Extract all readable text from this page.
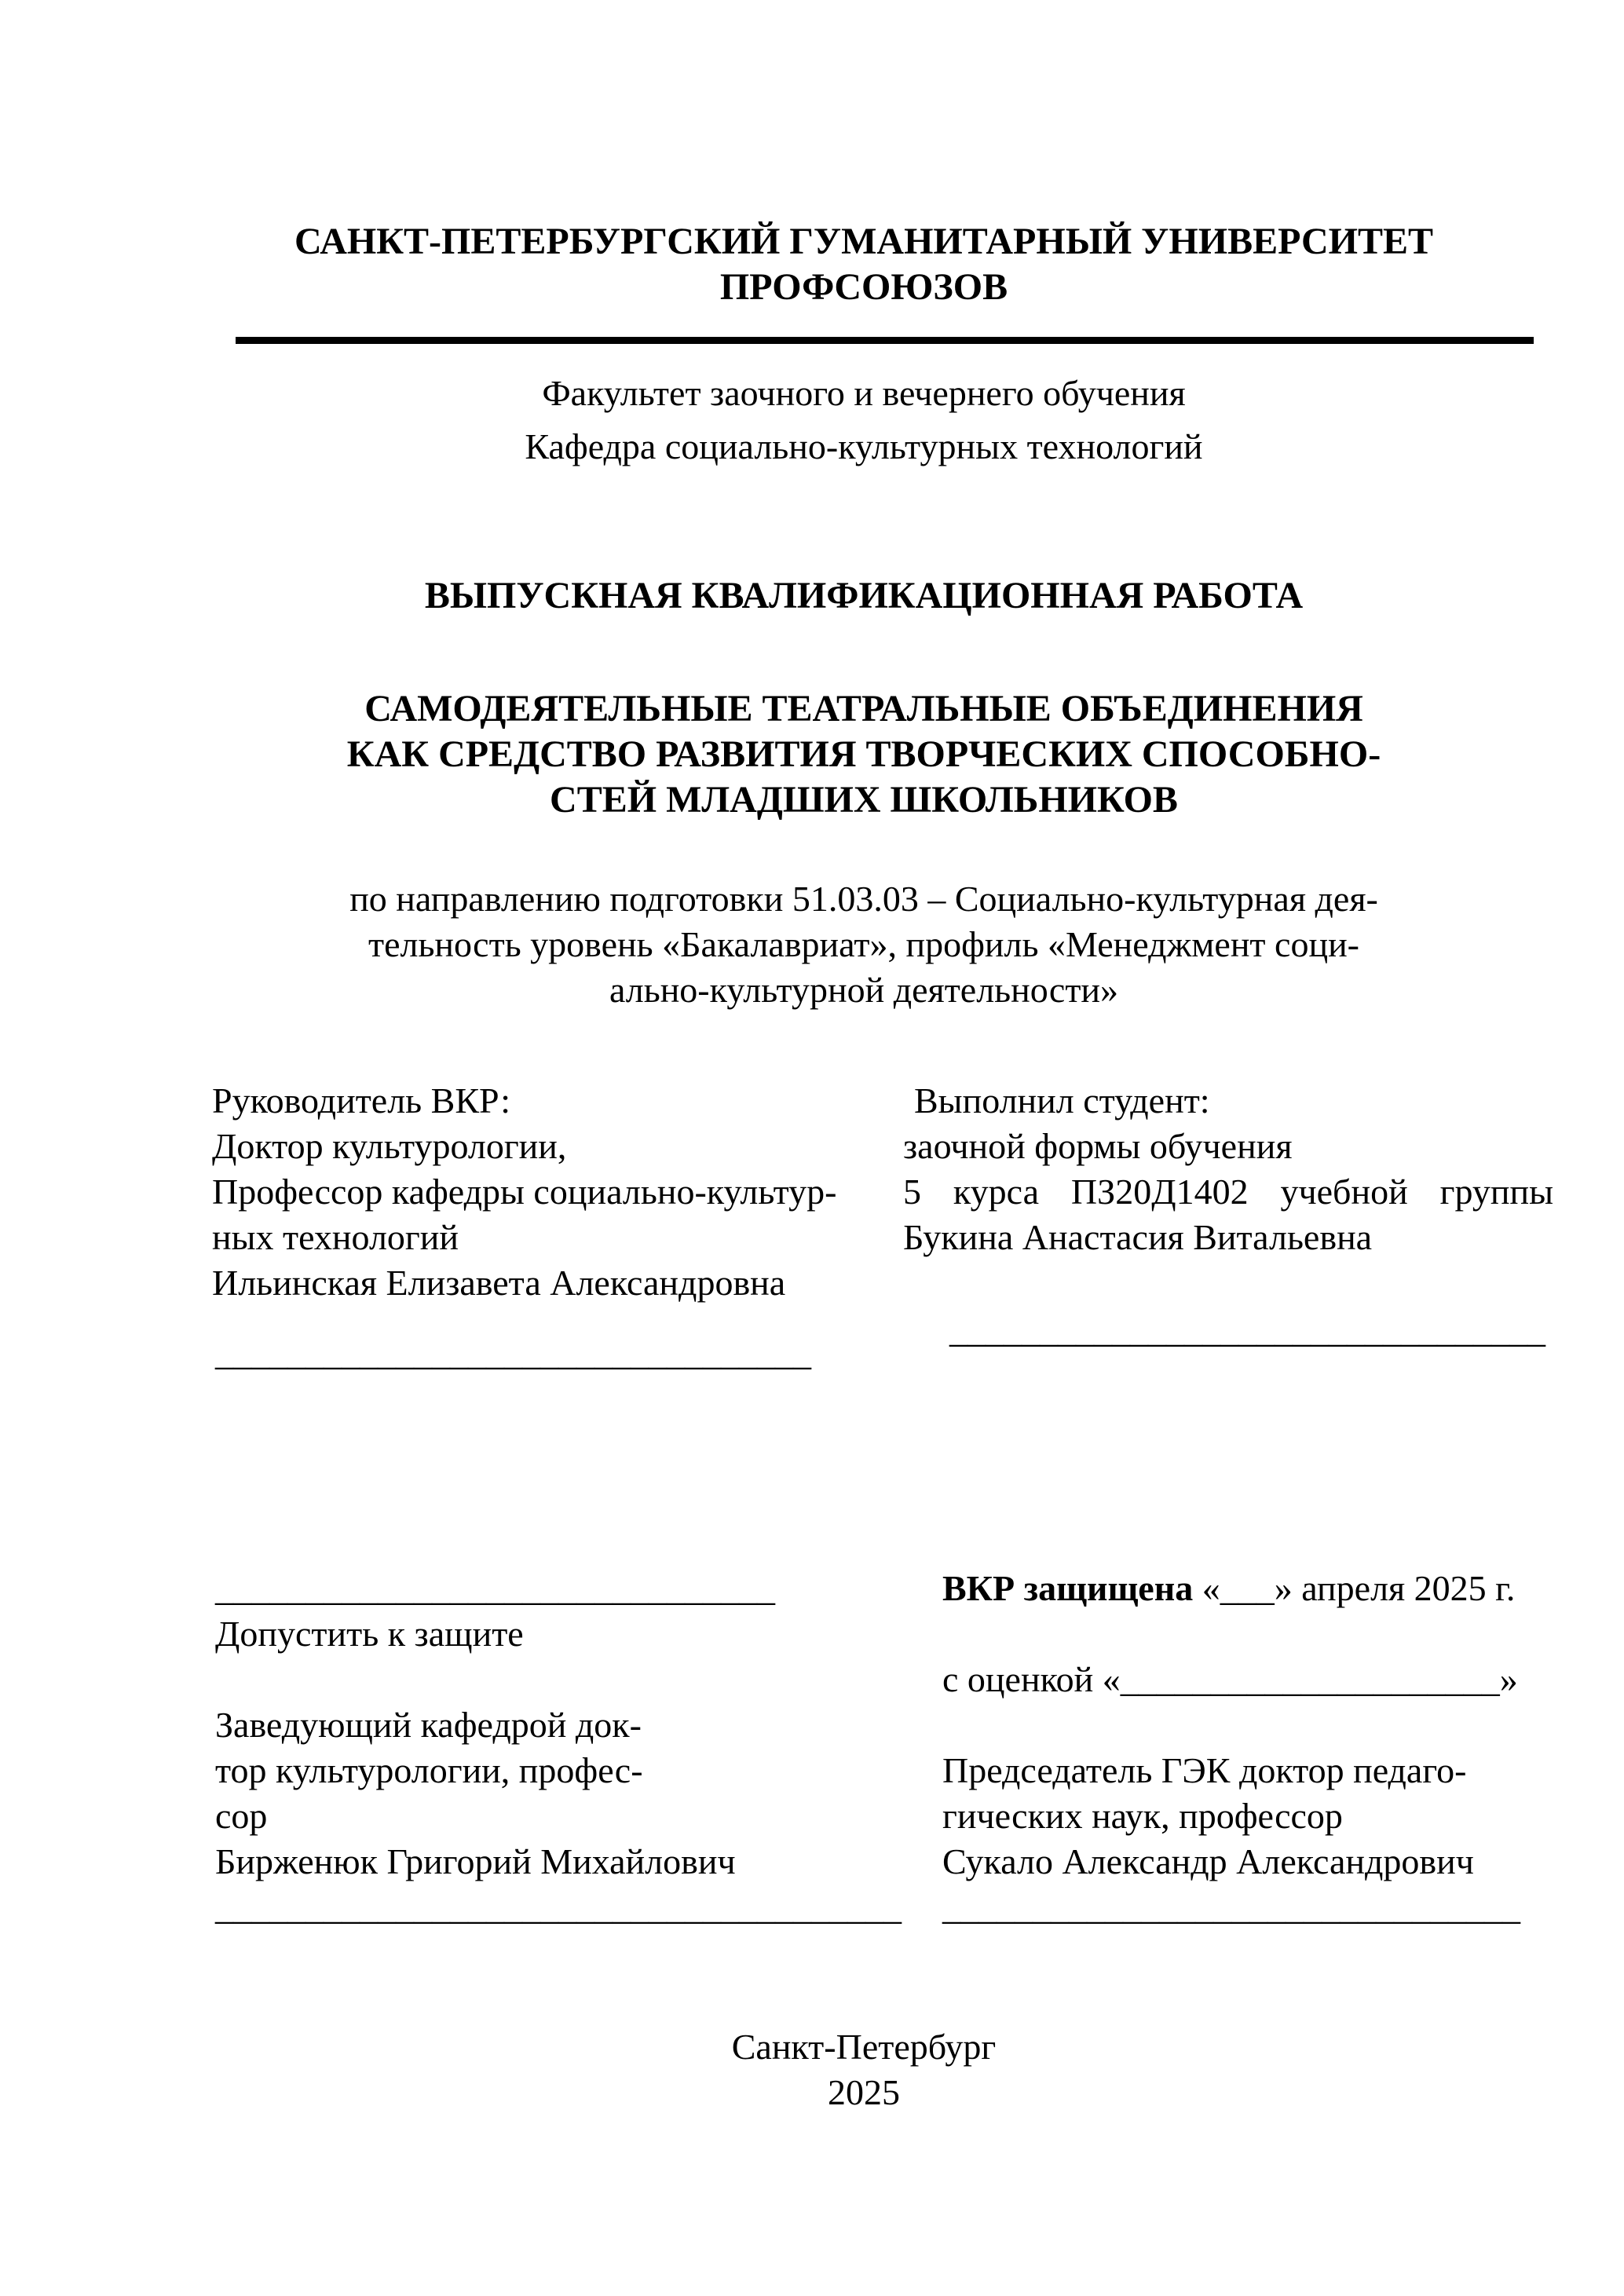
САНКТ-ПЕТЕРБУРГСКИЙ ГУМАНИТАРНЫЙ УНИВЕРСИТЕТ
ПРОФСОЮЗОВ
Факультет заочного и вечернего обучения
Кафедра социально-культурных технологий
ВЫПУСКНАЯ КВАЛИФИКАЦИОННАЯ РАБОТА
САМОДЕЯТЕЛЬНЫЕ ТЕАТРАЛЬНЫЕ ОБЪЕДИНЕНИЯ
КАК СРЕДСТВО РАЗВИТИЯ ТВОРЧЕСКИХ СПОСОБНО-
СТЕЙ МЛАДШИХ ШКОЛЬНИКОВ
по направлению подготовки 51.03.03 – Социально-культурная дея-
тельность уровень «Бакалавриат», профиль «Менеджмент соци-
ально-культурной деятельности»
Руководитель ВКР:
Доктор культурологии,
Профессор кафедры социально-культур-
ных технологий
Ильинская Елизавета Александровна
_________________________________
Выполнил студент:
заочной формы обучения
5 курса ПЗ20Д1402 учебной группы
Букина Анастасия Витальевна
_________________________________
_______________________________
Допустить к защите
Заведующий кафедрой док-
тор культурологии, профес-
сор
Бирженюк Григорий Михайлович
______________________________________
ВКР защищена «___» апреля 2025 г.
с оценкой «_____________________»
Председатель ГЭК доктор педаго-
гических наук, профессор
Сукало Александр Александрович
________________________________
Санкт-Петербург
2025
